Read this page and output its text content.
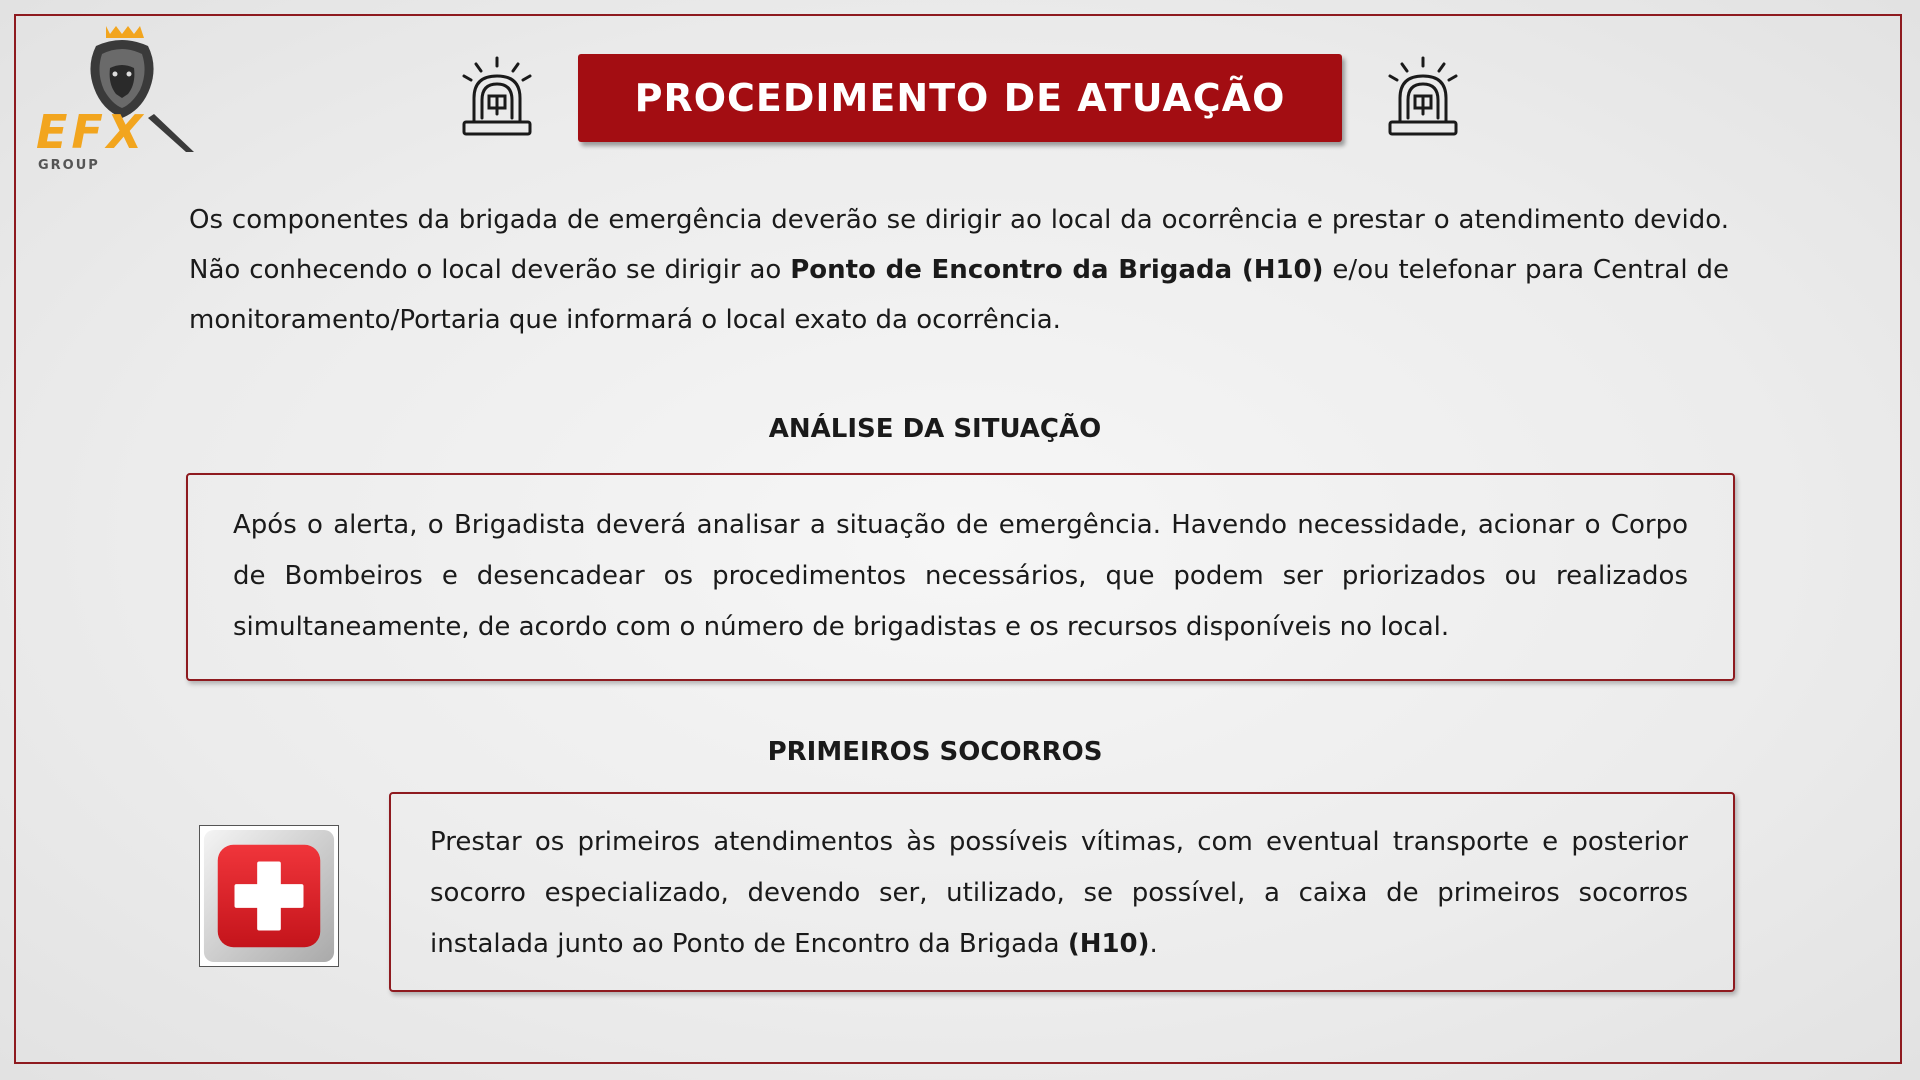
EFX
GROUP
PROCEDIMENTO DE ATUAÇÃO

Os componentes da brigada de emergência deverão se dirigir ao local da ocorrência e prestar o atendimento devido. Não conhecendo o local deverão se dirigir ao Ponto de Encontro da Brigada (H10) e/ou telefonar para Central de monitoramento/Portaria que informará o local exato da ocorrência.

ANÁLISE DA SITUAÇÃO

Após o alerta, o Brigadista deverá analisar a situação de emergência. Havendo necessidade, acionar o Corpo de Bombeiros e desencadear os procedimentos necessários, que podem ser priorizados ou realizados simultaneamente, de acordo com o número de brigadistas e os recursos disponíveis no local.

PRIMEIROS SOCORROS

Prestar os primeiros atendimentos às possíveis vítimas, com eventual transporte e posterior socorro especializado, devendo ser, utilizado, se possível, a caixa de primeiros socorros instalada junto ao Ponto de Encontro da Brigada (H10).
